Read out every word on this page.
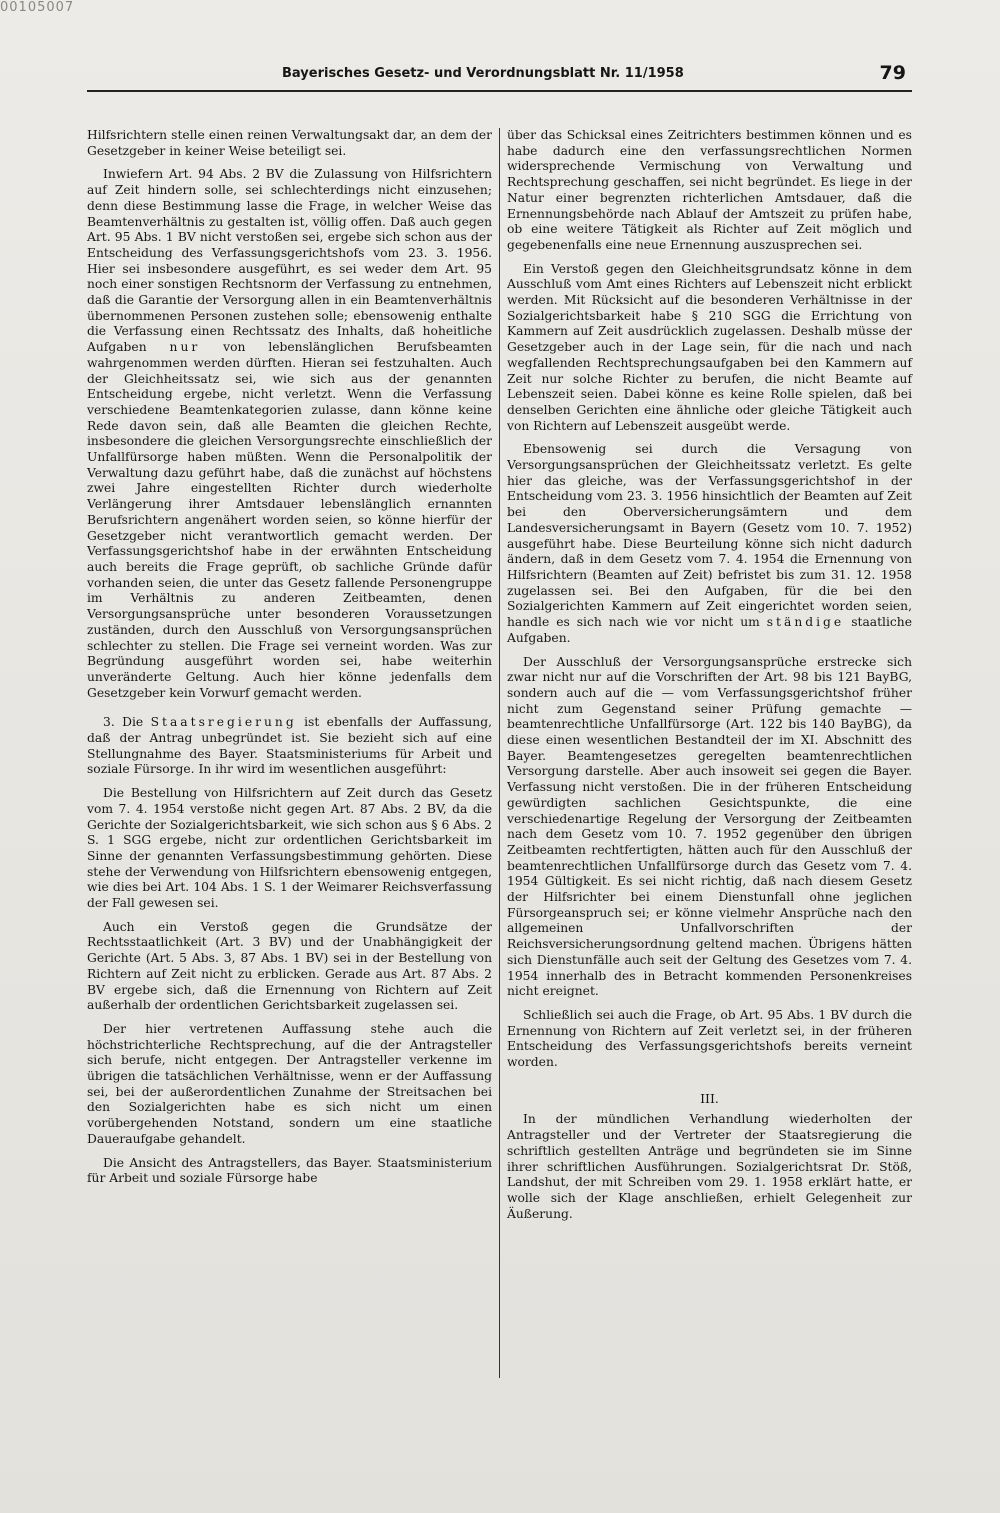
00105007
Bayerisches Gesetz- und Verordnungsblatt Nr. 11/1958	79

Hilfsrichtern stelle einen reinen Verwaltungsakt dar, an dem der Gesetzgeber in keiner Weise beteiligt sei.

Inwiefern Art. 94 Abs. 2 BV die Zulassung von Hilfsrichtern auf Zeit hindern solle, sei schlechterdings nicht einzusehen; denn diese Bestimmung lasse die Frage, in welcher Weise das Beamtenverhältnis zu gestalten ist, völlig offen. Daß auch gegen Art. 95 Abs. 1 BV nicht verstoßen sei, ergebe sich schon aus der Entscheidung des Verfassungsgerichtshofs vom 23. 3. 1956. Hier sei insbesondere ausgeführt, es sei weder dem Art. 95 noch einer sonstigen Rechtsnorm der Verfassung zu entnehmen, daß die Garantie der Versorgung allen in ein Beamtenverhältnis übernommenen Personen zustehen solle; ebensowenig enthalte die Verfassung einen Rechtssatz des Inhalts, daß hoheitliche Aufgaben nur von lebenslänglichen Berufsbeamten wahrgenommen werden dürften. Hieran sei festzuhalten. Auch der Gleichheitssatz sei, wie sich aus der genannten Entscheidung ergebe, nicht verletzt. Wenn die Verfassung verschiedene Beamtenkategorien zulasse, dann könne keine Rede davon sein, daß alle Beamten die gleichen Rechte, insbesondere die gleichen Versorgungsrechte einschließlich der Unfallfürsorge haben müßten. Wenn die Personalpolitik der Verwaltung dazu geführt habe, daß die zunächst auf höchstens zwei Jahre eingestellten Richter durch wiederholte Verlängerung ihrer Amtsdauer lebenslänglich ernannten Berufsrichtern angenähert worden seien, so könne hierfür der Gesetzgeber nicht verantwortlich gemacht werden. Der Verfassungsgerichtshof habe in der erwähnten Entscheidung auch bereits die Frage geprüft, ob sachliche Gründe dafür vorhanden seien, die unter das Gesetz fallende Personengruppe im Verhältnis zu anderen Zeitbeamten, denen Versorgungsansprüche unter besonderen Voraussetzungen zuständen, durch den Ausschluß von Versorgungsansprüchen schlechter zu stellen. Die Frage sei verneint worden. Was zur Begründung ausgeführt worden sei, habe weiterhin unveränderte Geltung. Auch hier könne jedenfalls dem Gesetzgeber kein Vorwurf gemacht werden.

3. Die Staatsregierung ist ebenfalls der Auffassung, daß der Antrag unbegründet ist. Sie bezieht sich auf eine Stellungnahme des Bayer. Staatsministeriums für Arbeit und soziale Fürsorge. In ihr wird im wesentlichen ausgeführt:

Die Bestellung von Hilfsrichtern auf Zeit durch das Gesetz vom 7. 4. 1954 verstoße nicht gegen Art. 87 Abs. 2 BV, da die Gerichte der Sozialgerichtsbarkeit, wie sich schon aus § 6 Abs. 2 S. 1 SGG ergebe, nicht zur ordentlichen Gerichtsbarkeit im Sinne der genannten Verfassungsbestimmung gehörten. Diese stehe der Verwendung von Hilfsrichtern ebensowenig entgegen, wie dies bei Art. 104 Abs. 1 S. 1 der Weimarer Reichsverfassung der Fall gewesen sei.

Auch ein Verstoß gegen die Grundsätze der Rechtsstaatlichkeit (Art. 3 BV) und der Unabhängigkeit der Gerichte (Art. 5 Abs. 3, 87 Abs. 1 BV) sei in der Bestellung von Richtern auf Zeit nicht zu erblicken. Gerade aus Art. 87 Abs. 2 BV ergebe sich, daß die Ernennung von Richtern auf Zeit außerhalb der ordentlichen Gerichtsbarkeit zugelassen sei.

Der hier vertretenen Auffassung stehe auch die höchstrichterliche Rechtsprechung, auf die der Antragsteller sich berufe, nicht entgegen. Der Antragsteller verkenne im übrigen die tatsächlichen Verhältnisse, wenn er der Auffassung sei, bei der außerordentlichen Zunahme der Streitsachen bei den Sozialgerichten habe es sich nicht um einen vorübergehenden Notstand, sondern um eine staatliche Daueraufgabe gehandelt.

Die Ansicht des Antragstellers, das Bayer. Staatsministerium für Arbeit und soziale Fürsorge habe

über das Schicksal eines Zeitrichters bestimmen können und es habe dadurch eine den verfassungsrechtlichen Normen widersprechende Vermischung von Verwaltung und Rechtsprechung geschaffen, sei nicht begründet. Es liege in der Natur einer begrenzten richterlichen Amtsdauer, daß die Ernennungsbehörde nach Ablauf der Amtszeit zu prüfen habe, ob eine weitere Tätigkeit als Richter auf Zeit möglich und gegebenenfalls eine neue Ernennung auszusprechen sei.

Ein Verstoß gegen den Gleichheitsgrundsatz könne in dem Ausschluß vom Amt eines Richters auf Lebenszeit nicht erblickt werden. Mit Rücksicht auf die besonderen Verhältnisse in der Sozialgerichtsbarkeit habe § 210 SGG die Errichtung von Kammern auf Zeit ausdrücklich zugelassen. Deshalb müsse der Gesetzgeber auch in der Lage sein, für die nach und nach wegfallenden Rechtsprechungsaufgaben bei den Kammern auf Zeit nur solche Richter zu berufen, die nicht Beamte auf Lebenszeit seien. Dabei könne es keine Rolle spielen, daß bei denselben Gerichten eine ähnliche oder gleiche Tätigkeit auch von Richtern auf Lebenszeit ausgeübt werde.

Ebensowenig sei durch die Versagung von Versorgungsansprüchen der Gleichheitssatz verletzt. Es gelte hier das gleiche, was der Verfassungsgerichtshof in der Entscheidung vom 23. 3. 1956 hinsichtlich der Beamten auf Zeit bei den Oberversicherungsämtern und dem Landesversicherungsamt in Bayern (Gesetz vom 10. 7. 1952) ausgeführt habe. Diese Beurteilung könne sich nicht dadurch ändern, daß in dem Gesetz vom 7. 4. 1954 die Ernennung von Hilfsrichtern (Beamten auf Zeit) befristet bis zum 31. 12. 1958 zugelassen sei. Bei den Aufgaben, für die bei den Sozialgerichten Kammern auf Zeit eingerichtet worden seien, handle es sich nach wie vor nicht um ständige staatliche Aufgaben.

Der Ausschluß der Versorgungsansprüche erstrecke sich zwar nicht nur auf die Vorschriften der Art. 98 bis 121 BayBG, sondern auch auf die — vom Verfassungsgerichtshof früher nicht zum Gegenstand seiner Prüfung gemachte — beamtenrechtliche Unfallfürsorge (Art. 122 bis 140 BayBG), da diese einen wesentlichen Bestandteil der im XI. Abschnitt des Bayer. Beamtengesetzes geregelten beamtenrechtlichen Versorgung darstelle. Aber auch insoweit sei gegen die Bayer. Verfassung nicht verstoßen. Die in der früheren Entscheidung gewürdigten sachlichen Gesichtspunkte, die eine verschiedenartige Regelung der Versorgung der Zeitbeamten nach dem Gesetz vom 10. 7. 1952 gegenüber den übrigen Zeitbeamten rechtfertigten, hätten auch für den Ausschluß der beamtenrechtlichen Unfallfürsorge durch das Gesetz vom 7. 4. 1954 Gültigkeit. Es sei nicht richtig, daß nach diesem Gesetz der Hilfsrichter bei einem Dienstunfall ohne jeglichen Fürsorgeanspruch sei; er könne vielmehr Ansprüche nach den allgemeinen Unfallvorschriften der Reichsversicherungsordnung geltend machen. Übrigens hätten sich Dienstunfälle auch seit der Geltung des Gesetzes vom 7. 4. 1954 innerhalb des in Betracht kommenden Personenkreises nicht ereignet.

Schließlich sei auch die Frage, ob Art. 95 Abs. 1 BV durch die Ernennung von Richtern auf Zeit verletzt sei, in der früheren Entscheidung des Verfassungsgerichtshofs bereits verneint worden.

III.

In der mündlichen Verhandlung wiederholten der Antragsteller und der Vertreter der Staatsregierung die schriftlich gestellten Anträge und begründeten sie im Sinne ihrer schriftlichen Ausführungen. Sozialgerichtsrat Dr. Stöß, Landshut, der mit Schreiben vom 29. 1. 1958 erklärt hatte, er wolle sich der Klage anschließen, erhielt Gelegenheit zur Äußerung.
